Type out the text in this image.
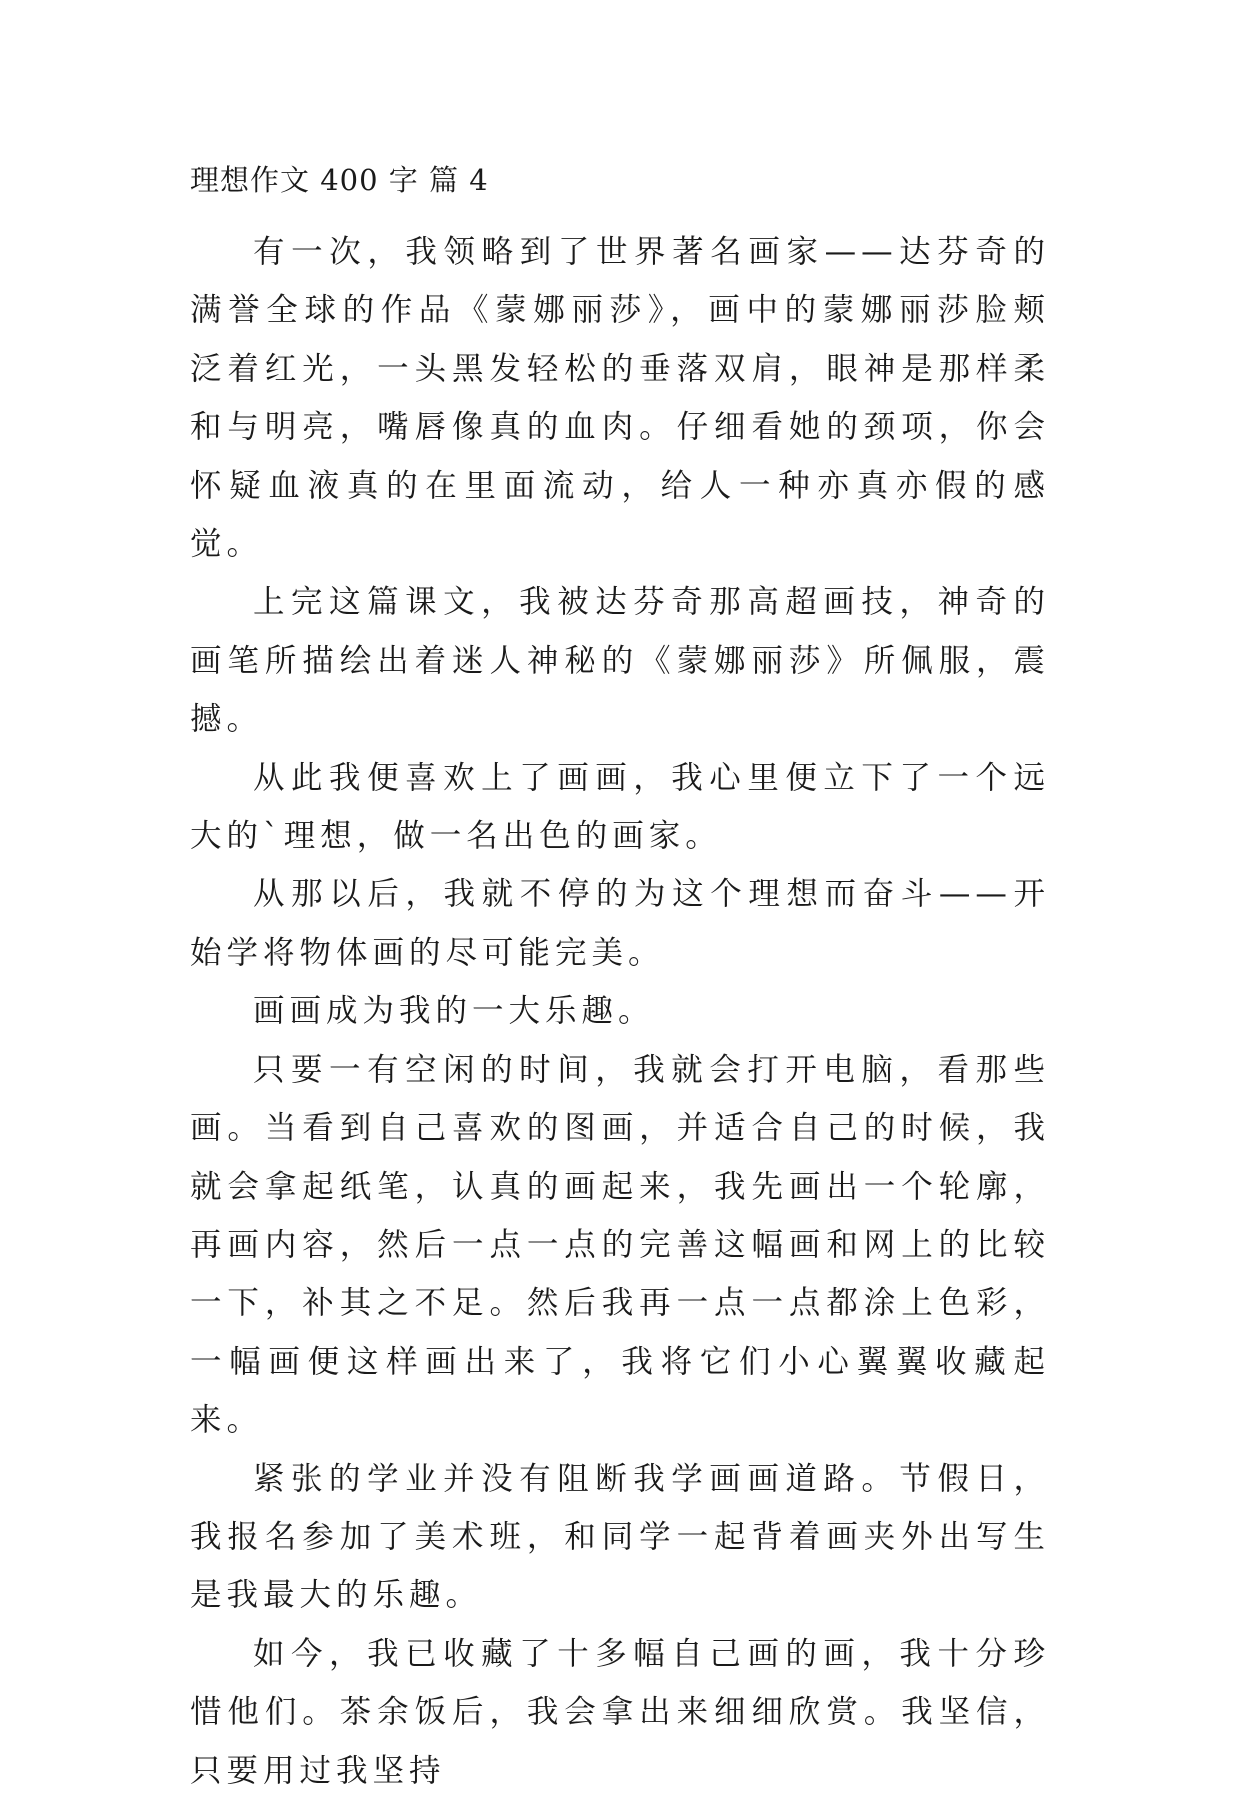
理想作文 400 字 篇 4

有一次，我领略到了世界著名画家——达芬奇的满誉全球的作品《蒙娜丽莎》，画中的蒙娜丽莎脸颊泛着红光，一头黑发轻松的垂落双肩，眼神是那样柔和与明亮，嘴唇像真的血肉。仔细看她的颈项，你会怀疑血液真的在里面流动，给人一种亦真亦假的感觉。

上完这篇课文，我被达芬奇那高超画技，神奇的画笔所描绘出着迷人神秘的《蒙娜丽莎》所佩服，震撼。

从此我便喜欢上了画画，我心里便立下了一个远大的`理想，做一名出色的画家。

从那以后，我就不停的为这个理想而奋斗——开始学将物体画的尽可能完美。

画画成为我的一大乐趣。

只要一有空闲的时间，我就会打开电脑，看那些画。当看到自己喜欢的图画，并适合自己的时候，我就会拿起纸笔，认真的画起来，我先画出一个轮廓，再画内容，然后一点一点的完善这幅画和网上的比较一下，补其之不足。然后我再一点一点都涂上色彩，一幅画便这样画出来了，我将它们小心翼翼收藏起来。

紧张的学业并没有阻断我学画画道路。节假日，我报名参加了美术班，和同学一起背着画夹外出写生是我最大的乐趣。

如今，我已收藏了十多幅自己画的画，我十分珍惜他们。茶余饭后，我会拿出来细细欣赏。我坚信，只要用过我坚持
